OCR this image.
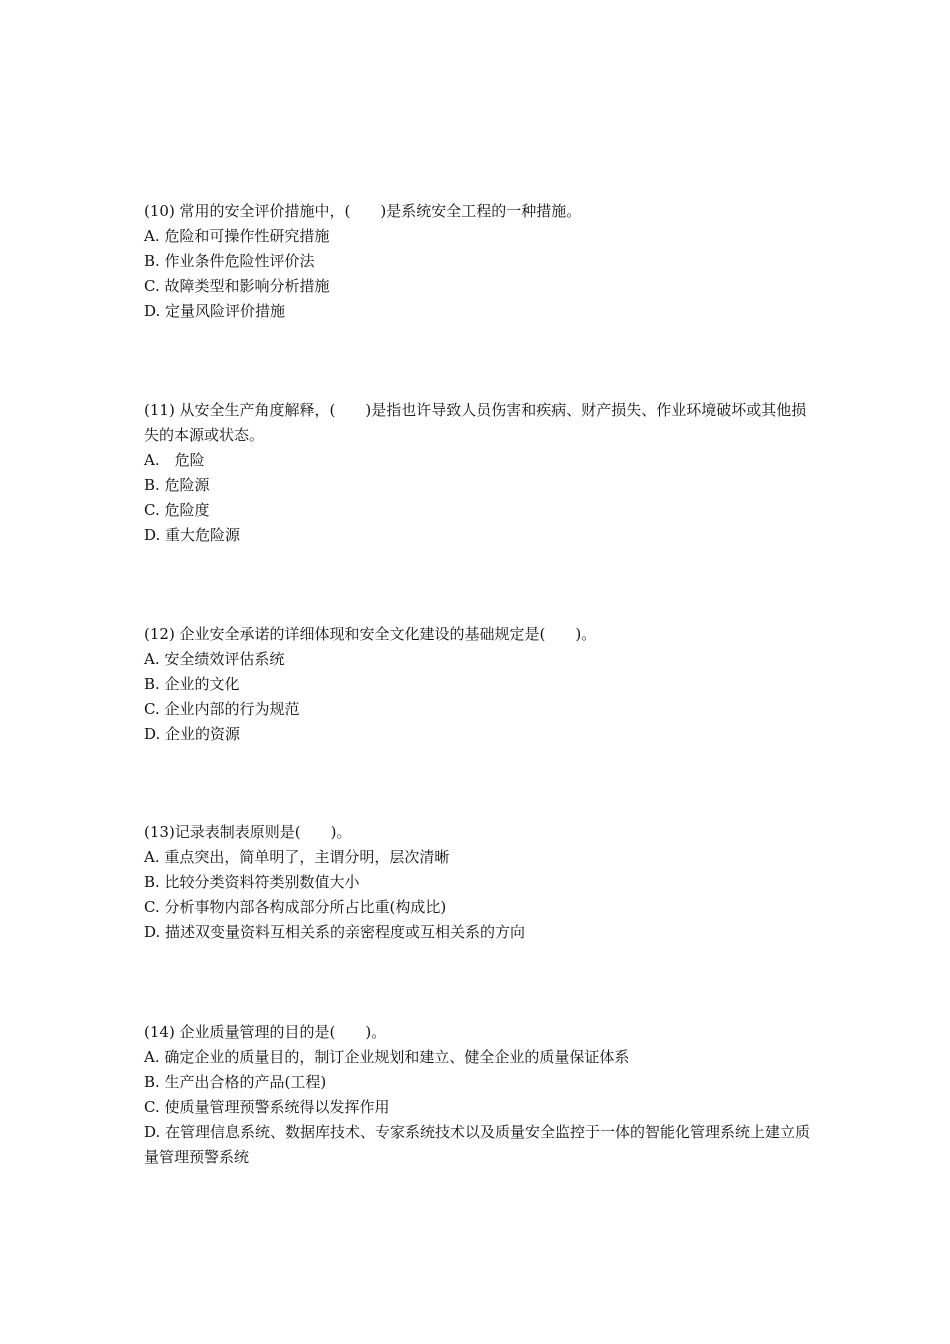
(10) 常用的安全评价措施中，(　　)是系统安全工程的一种措施。

A. 危险和可操作性研究措施

B. 作业条件危险性评价法

C. 故障类型和影响分析措施

D. 定量风险评价措施

(11) 从安全生产角度解释，(　　)是指也许导致人员伤害和疾病、财产损失、作业环境破坏或其他损失的本源或状态。

A.　危险

B. 危险源

C. 危险度

D. 重大危险源

(12) 企业安全承诺的详细体现和安全文化建设的基础规定是(　　)。

A. 安全绩效评估系统

B. 企业的文化

C. 企业内部的行为规范

D. 企业的资源

(13)记录表制表原则是(　　)。

A. 重点突出，简单明了，主谓分明，层次清晰

B. 比较分类资料符类别数值大小

C. 分析事物内部各构成部分所占比重(构成比)

D. 描述双变量资料互相关系的亲密程度或互相关系的方向

(14) 企业质量管理的目的是(　　)。

A. 确定企业的质量目的，制订企业规划和建立、健全企业的质量保证体系

B. 生产出合格的产品(工程)

C. 使质量管理预警系统得以发挥作用

D. 在管理信息系统、数据库技术、专家系统技术以及质量安全监控于一体的智能化管理系统上建立质量管理预警系统
